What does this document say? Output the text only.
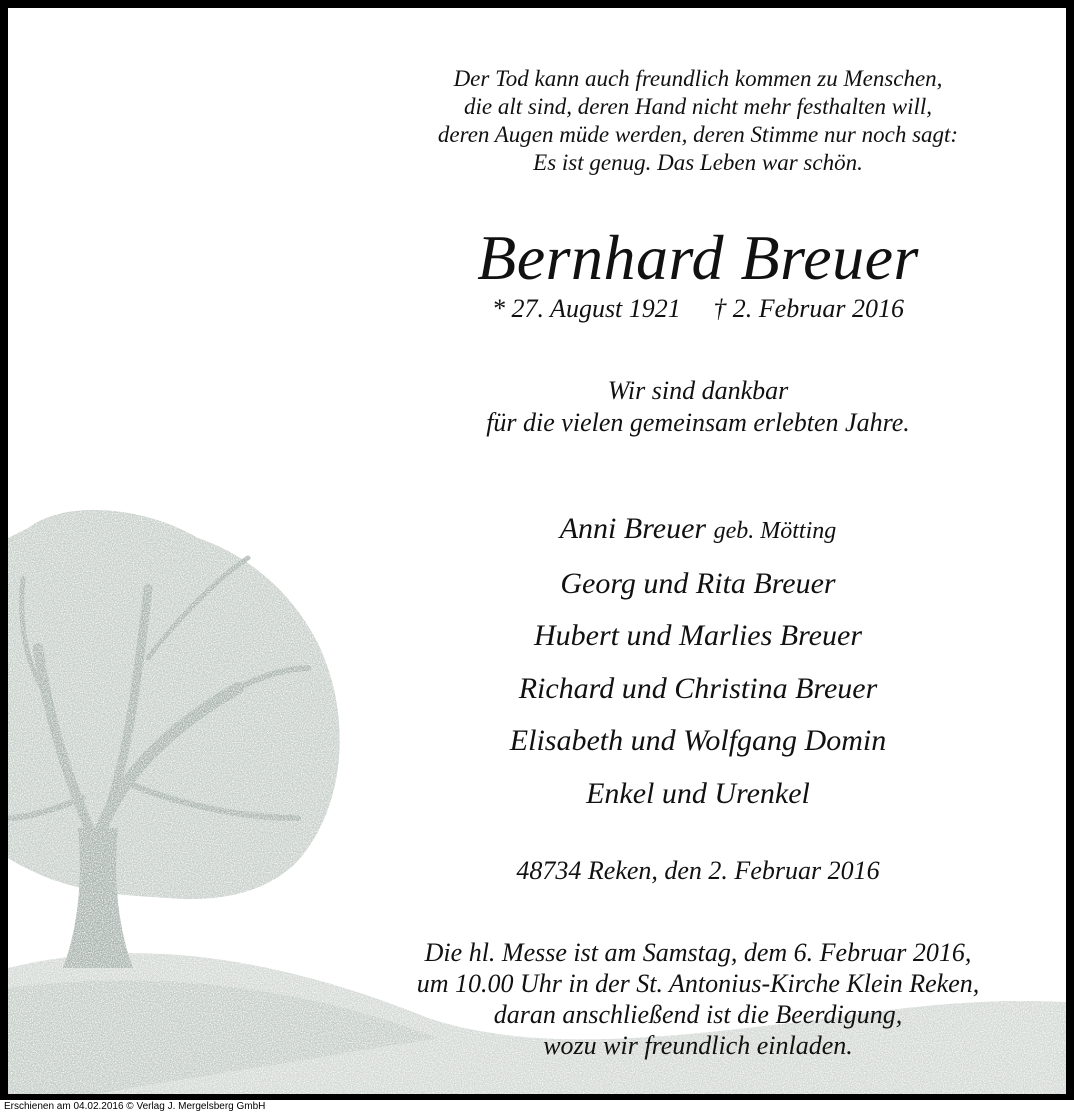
Der Tod kann auch freundlich kommen zu Menschen,
die alt sind, deren Hand nicht mehr festhalten will,
deren Augen müde werden, deren Stimme nur noch sagt:
Es ist genug. Das Leben war schön.
Bernhard Breuer
* 27. August 1921 † 2. Februar 2016
Wir sind dankbar
für die vielen gemeinsam erlebten Jahre.
Anni Breuer geb. Mötting
Georg und Rita Breuer
Hubert und Marlies Breuer
Richard und Christina Breuer
Elisabeth und Wolfgang Domin
Enkel und Urenkel
48734 Reken, den 2. Februar 2016
Die hl. Messe ist am Samstag, dem 6. Februar 2016,
um 10.00 Uhr in der St. Antonius-Kirche Klein Reken,
daran anschließend ist die Beerdigung,
wozu wir freundlich einladen.
Erschienen am 04.02.2016 © Verlag J. Mergelsberg GmbH
